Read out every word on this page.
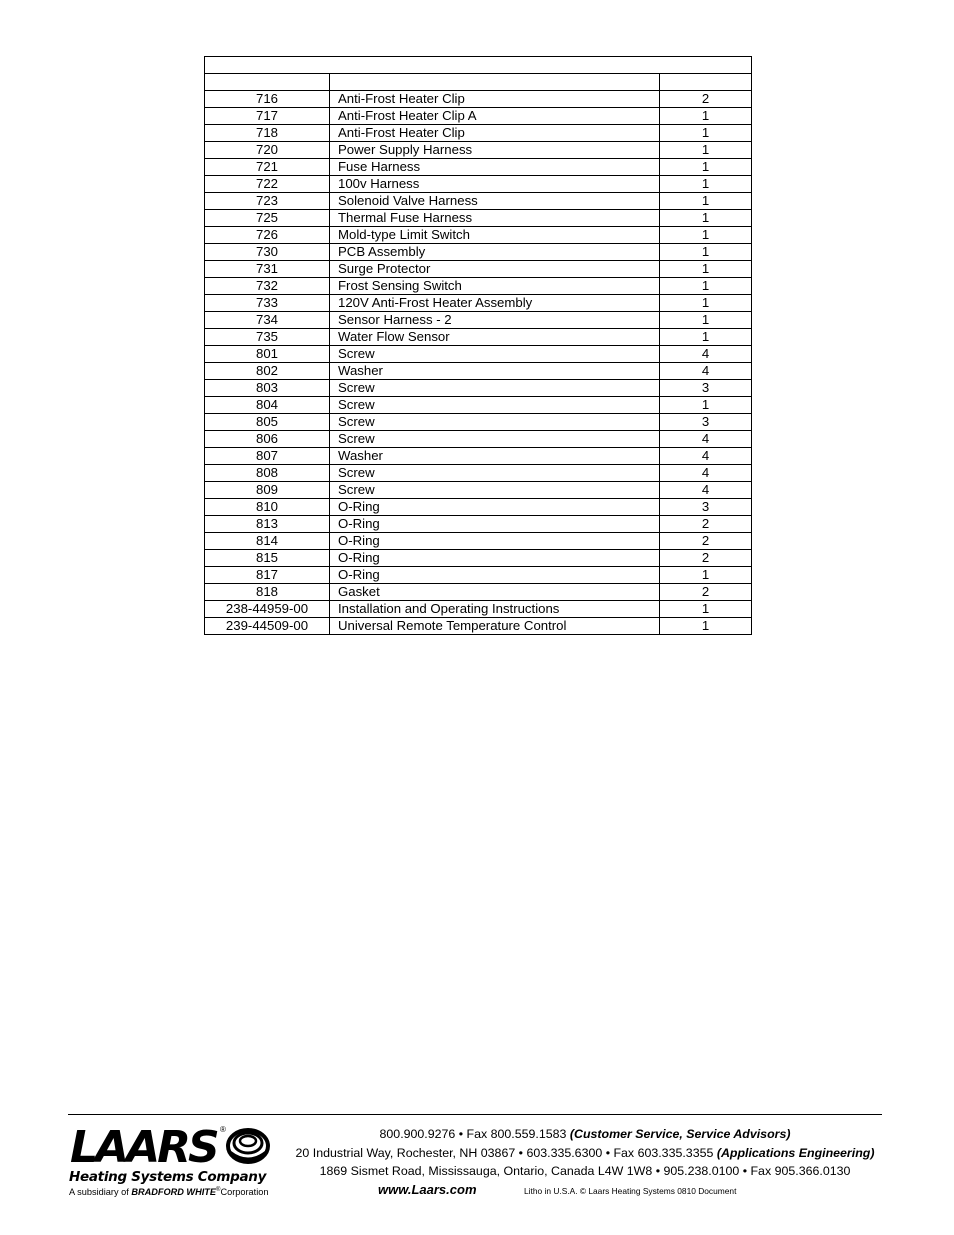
716	Anti-Frost Heater Clip	2
717	Anti-Frost Heater Clip A	1
718	Anti-Frost Heater Clip	1
720	Power Supply Harness	1
721	Fuse Harness	1
722	100v Harness	1
723	Solenoid Valve Harness	1
725	Thermal Fuse Harness	1
726	Mold-type Limit Switch	1
730	PCB Assembly	1
731	Surge Protector	1
732	Frost Sensing Switch	1
733	120V Anti-Frost Heater Assembly	1
734	Sensor Harness - 2	1
735	Water Flow Sensor	1
801	Screw	4
802	Washer	4
803	Screw	3
804	Screw	1
805	Screw	3
806	Screw	4
807	Washer	4
808	Screw	4
809	Screw	4
810	O-Ring	3
813	O-Ring	2
814	O-Ring	2
815	O-Ring	2
817	O-Ring	1
818	Gasket	2
238-44959-00	Installation and Operating Instructions	1
239-44509-00	Universal Remote Temperature Control	1
LAARS ®
Heating Systems Company
A subsidiary of BRADFORD WHITE®Corporation
800.900.9276 • Fax 800.559.1583 (Customer Service, Service Advisors)
20 Industrial Way, Rochester, NH 03867 • 603.335.6300 • Fax 603.335.3355 (Applications Engineering)
1869 Sismet Road, Mississauga, Ontario, Canada L4W 1W8 • 905.238.0100 • Fax 905.366.0130
www.Laars.com	Litho in U.S.A. © Laars Heating Systems 0810 Document
